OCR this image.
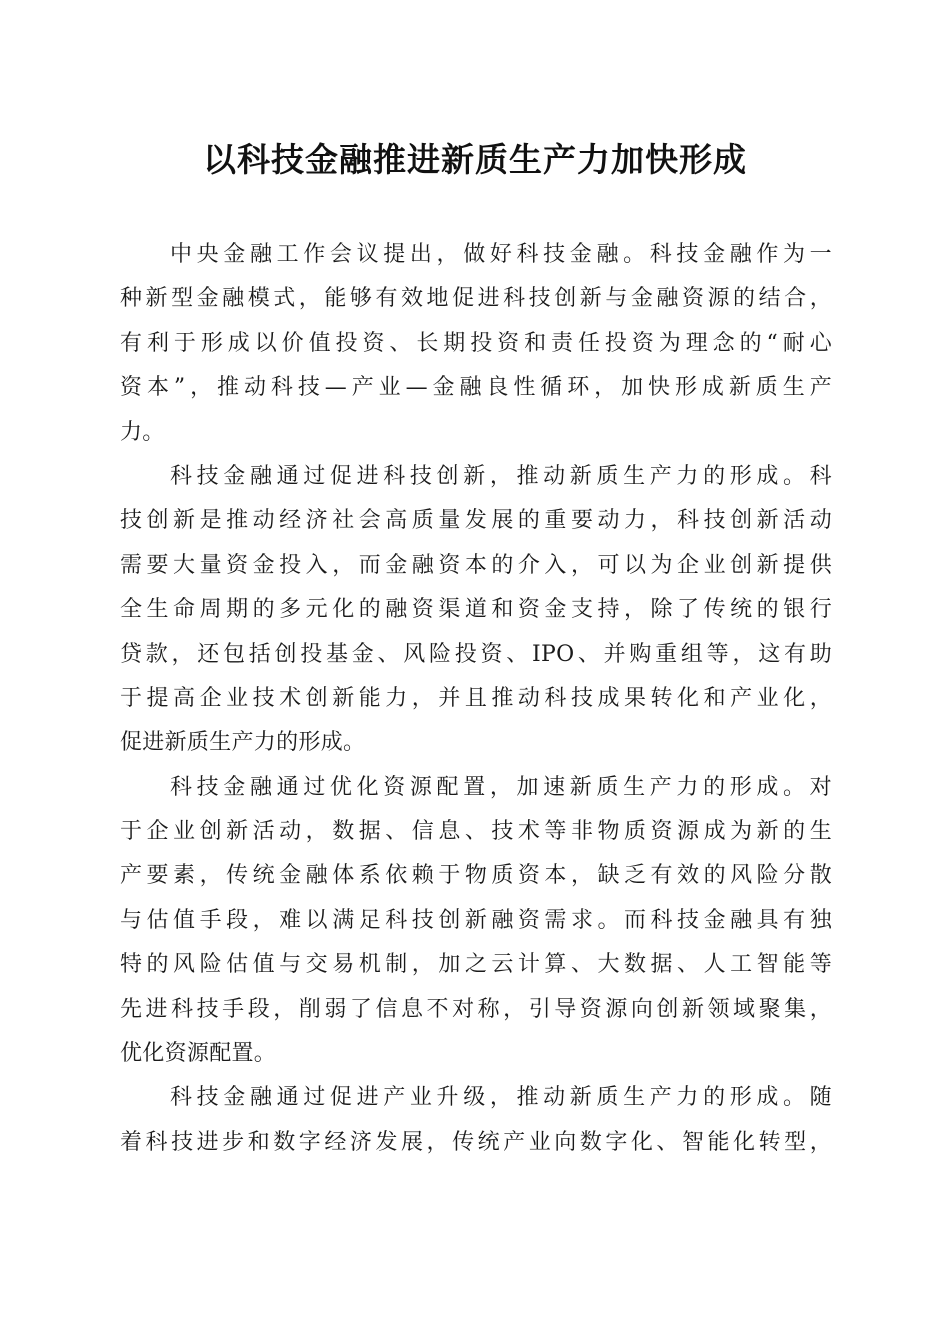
以科技金融推进新质生产力加快形成
中央金融工作会议提出，做好科技金融。科技金融作为一
种新型金融模式，能够有效地促进科技创新与金融资源的结合，
有利于形成以价值投资、长期投资和责任投资为理念的“耐心
资本”，推动科技—产业—金融良性循环，加快形成新质生产
力。
科技金融通过促进科技创新，推动新质生产力的形成。科
技创新是推动经济社会高质量发展的重要动力，科技创新活动
需要大量资金投入，而金融资本的介入，可以为企业创新提供
全生命周期的多元化的融资渠道和资金支持，除了传统的银行
贷款，还包括创投基金、风险投资、IPO、并购重组等，这有助
于提高企业技术创新能力，并且推动科技成果转化和产业化，
促进新质生产力的形成。
科技金融通过优化资源配置，加速新质生产力的形成。对
于企业创新活动，数据、信息、技术等非物质资源成为新的生
产要素，传统金融体系依赖于物质资本，缺乏有效的风险分散
与估值手段，难以满足科技创新融资需求。而科技金融具有独
特的风险估值与交易机制，加之云计算、大数据、人工智能等
先进科技手段，削弱了信息不对称，引导资源向创新领域聚集，
优化资源配置。
科技金融通过促进产业升级，推动新质生产力的形成。随
着科技进步和数字经济发展，传统产业向数字化、智能化转型，
